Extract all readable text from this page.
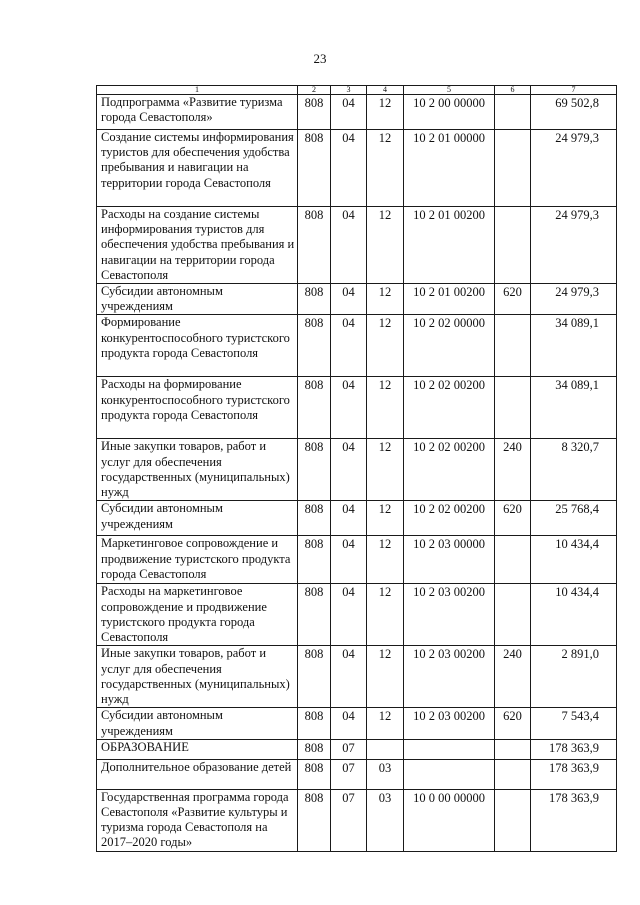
23
1	2	3	4	5	6	7
Подпрограмма «Развитие туризма города Севастополя»	808	04	12	10 2 00 00000		69 502,8
Создание системы информирования туристов для обеспечения удобства пребывания и навигации на территории города Севастополя	808	04	12	10 2 01 00000		24 979,3
Расходы на создание системы информирования туристов для обеспечения удобства пребывания и навигации на территории города Севастополя	808	04	12	10 2 01 00200		24 979,3
Субсидии автономным учреждениям	808	04	12	10 2 01 00200	620	24 979,3
Формирование конкурентоспособного туристского продукта города Севастополя	808	04	12	10 2 02 00000		34 089,1
Расходы на формирование конкурентоспособного туристского продукта города Севастополя	808	04	12	10 2 02 00200		34 089,1
Иные закупки товаров, работ и услуг для обеспечения государственных (муниципальных) нужд	808	04	12	10 2 02 00200	240	8 320,7
Субсидии автономным учреждениям	808	04	12	10 2 02 00200	620	25 768,4
Маркетинговое сопровождение и продвижение туристского продукта города Севастополя	808	04	12	10 2 03 00000		10 434,4
Расходы на маркетинговое сопровождение и продвижение туристского продукта города Севастополя	808	04	12	10 2 03 00200		10 434,4
Иные закупки товаров, работ и услуг для обеспечения государственных (муниципальных) нужд	808	04	12	10 2 03 00200	240	2 891,0
Субсидии автономным учреждениям	808	04	12	10 2 03 00200	620	7 543,4
ОБРАЗОВАНИЕ	808	07				178 363,9
Дополнительное образование детей	808	07	03			178 363,9
Государственная программа города Севастополя «Развитие культуры и туризма города Севастополя на 2017–2020 годы»	808	07	03	10 0 00 00000		178 363,9
